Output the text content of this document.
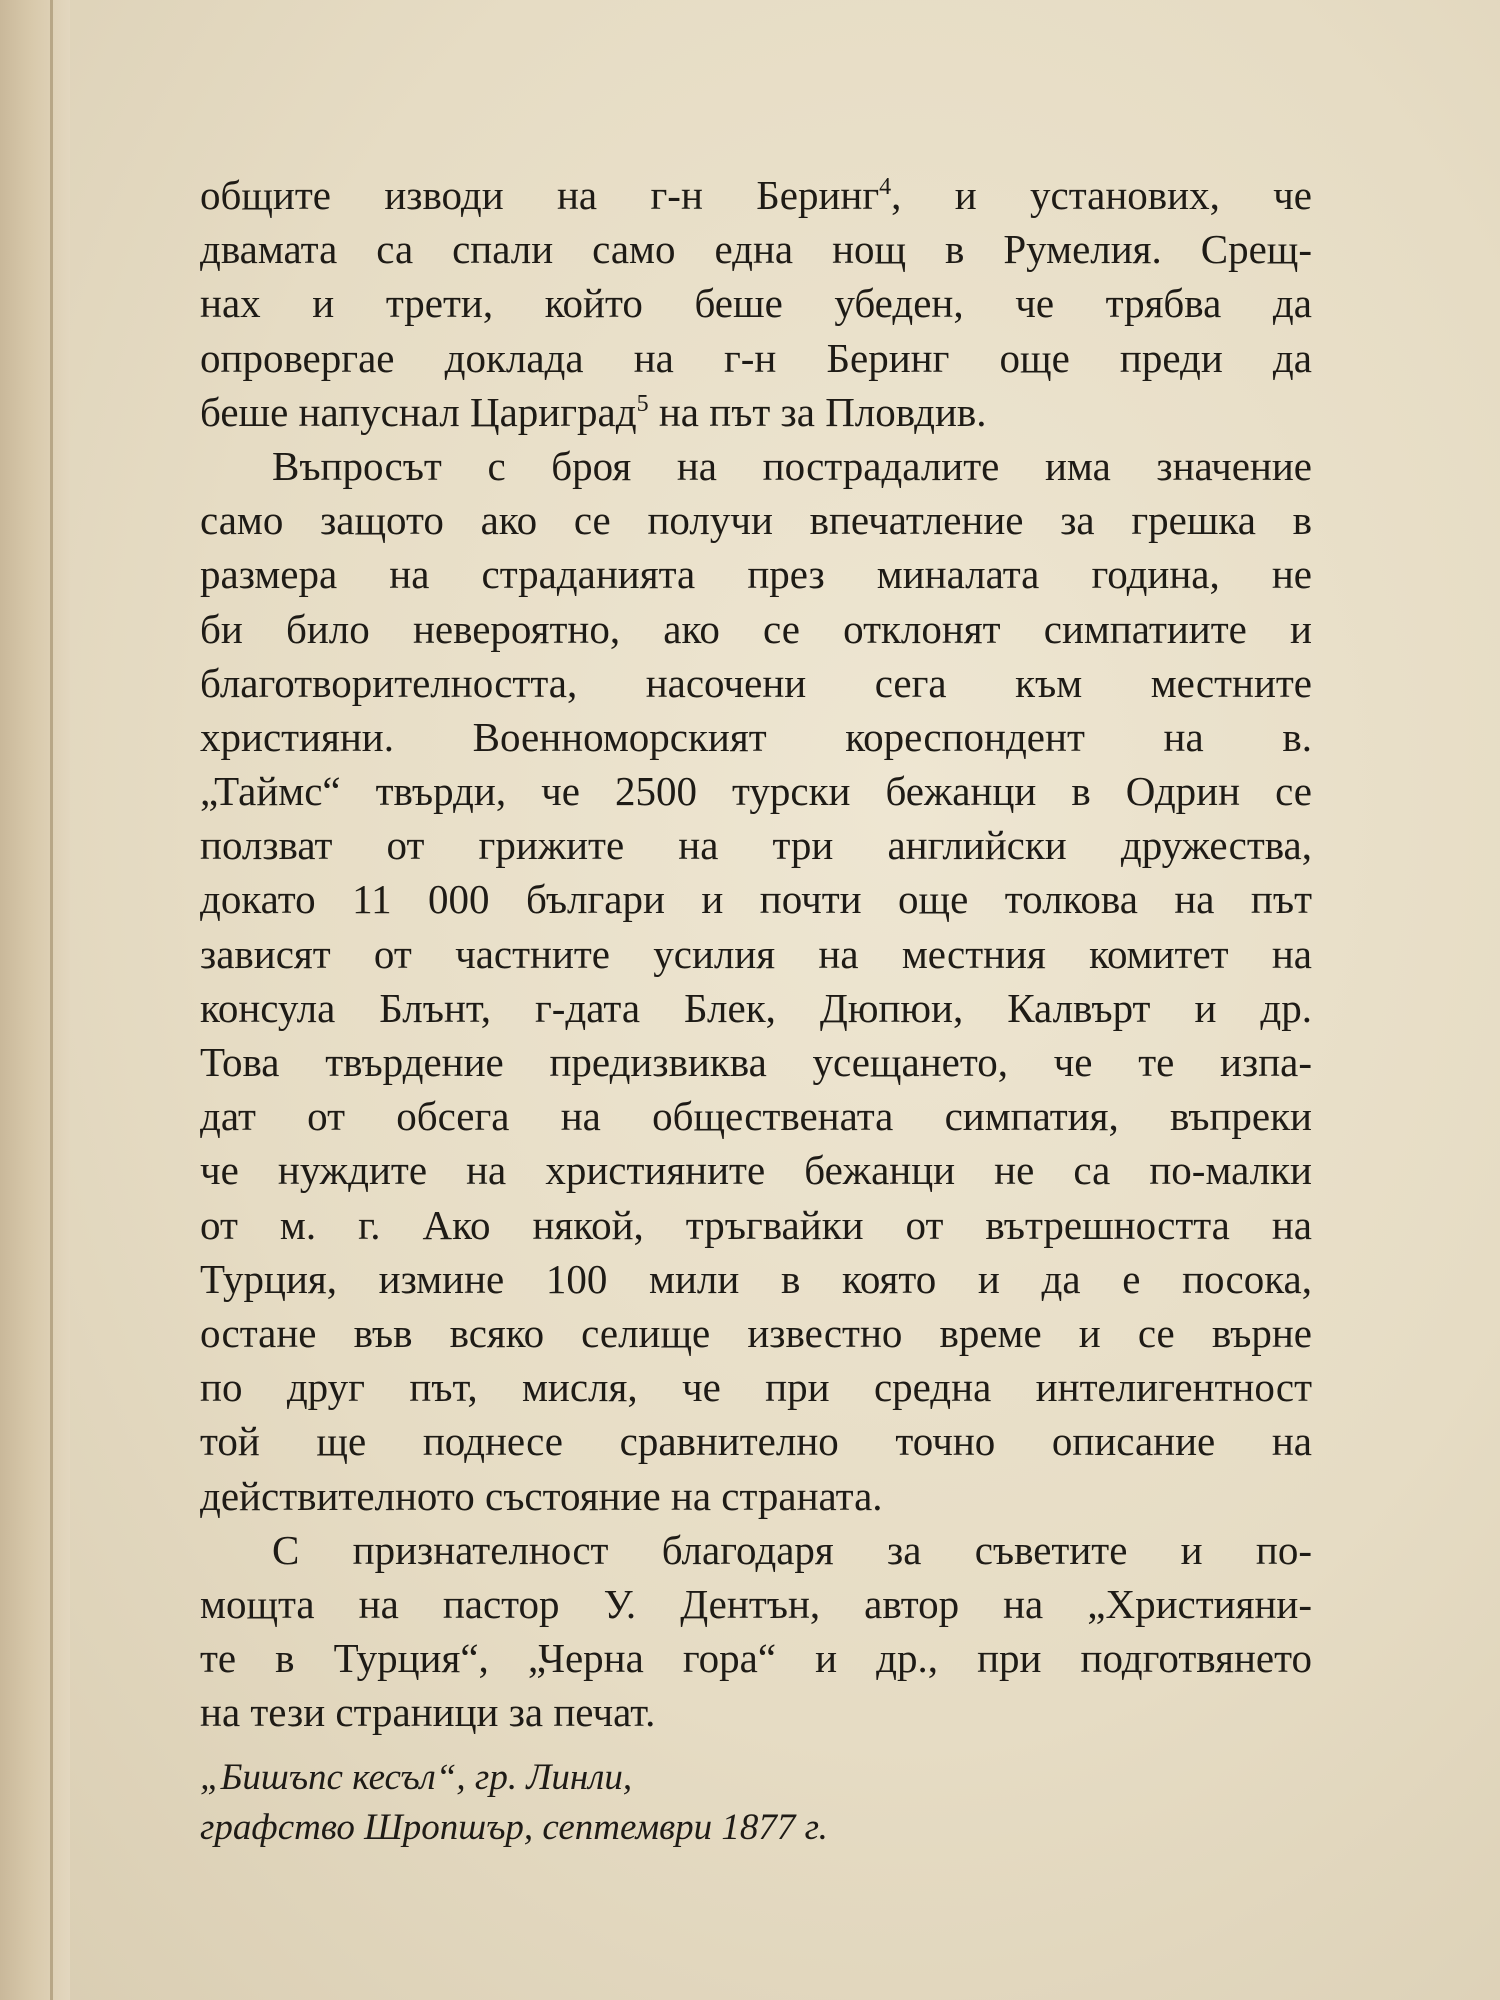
общите изводи на г-н Беринг$^4$, и установих, че
двамата са спали само една нощ в Румелия. Срещ-
нах и трети, който беше убеден, че трябва да
опровергае доклада на г-н Беринг още преди да
беше напуснал Цариград$^5$ на път за Пловдив.
Въпросът с броя на пострадалите има значение
само защото ако се получи впечатление за грешка в
размера на страданията през миналата година, не
би било невероятно, ако се отклонят симпатиите и
благотворителността, насочени сега към местните
християни. Военноморският кореспондент на в.
„Таймс“ твърди, че 2500 турски бежанци в Одрин се
ползват от грижите на три английски дружества,
докато 11 000 българи и почти още толкова на път
зависят от частните усилия на местния комитет на
консула Блънт, г-дата Блек, Дюпюи, Калвърт и др.
Това твърдение предизвиква усещането, че те изпа-
дат от обсега на обществената симпатия, въпреки
че нуждите на християните бежанци не са по-малки
от м. г. Ако някой, тръгвайки от вътрешността на
Турция, измине 100 мили в която и да е посока,
остане във всяко селище известно време и се върне
по друг път, мисля, че при средна интелигентност
той ще поднесе сравнително точно описание на
действителното състояние на страната.
С признателност благодаря за съветите и по-
мощта на пастор У. Дентън, автор на „Християни-
те в Турция“, „Черна гора“ и др., при подготвянето
на тези страници за печат.
„Бишъпс кесъл“, гр. Линли,
графство Шропшър, септември 1877 г.
